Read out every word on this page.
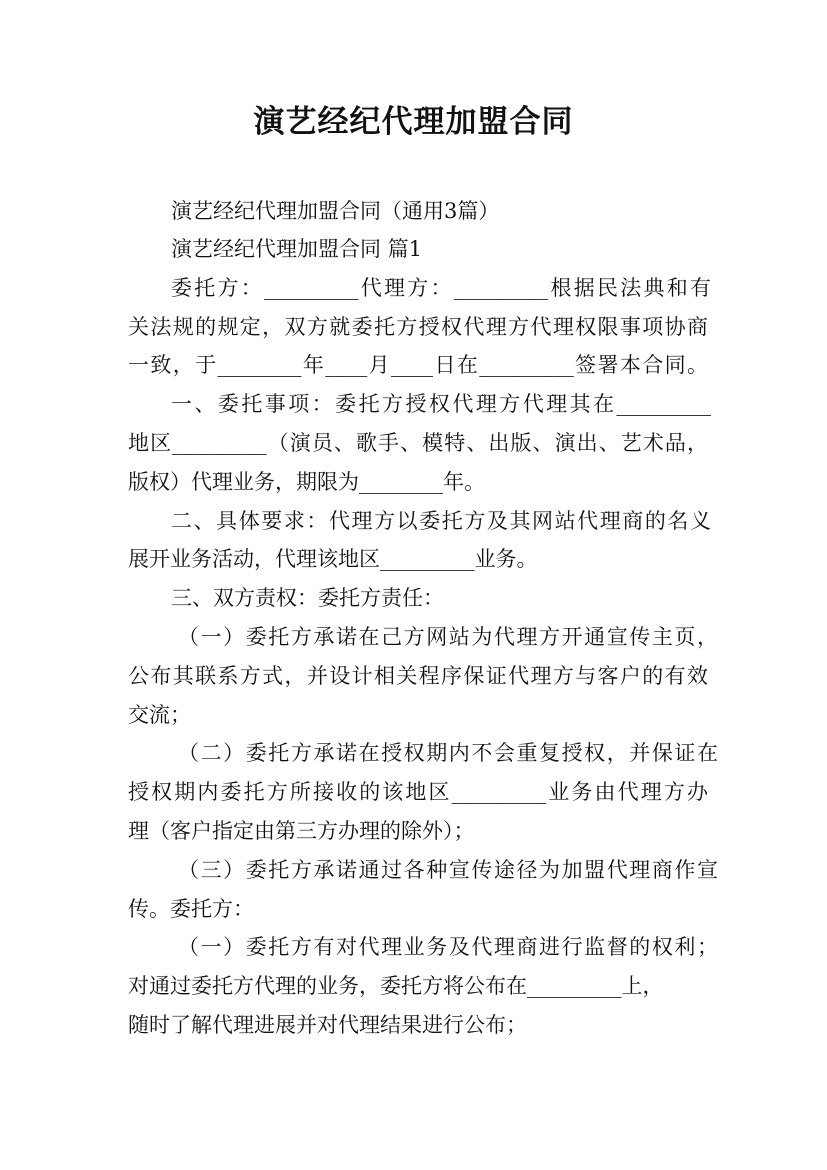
演艺经纪代理加盟合同

演艺经纪代理加盟合同（通用3篇）

演艺经纪代理加盟合同 篇1

委托方：_________代理方：_________根据民法典和有

关法规的规定，双方就委托方授权代理方代理权限事项协商

一致，于________年____月____日在_________签署本合同。

一、委托事项：委托方授权代理方代理其在_________

地区_________（演员、歌手、模特、出版、演出、艺术品，

版权）代理业务，期限为________年。

二、具体要求：代理方以委托方及其网站代理商的名义

展开业务活动，代理该地区_________业务。

三、双方责权：委托方责任：

（一）委托方承诺在己方网站为代理方开通宣传主页，

公布其联系方式，并设计相关程序保证代理方与客户的有效

交流；

（二）委托方承诺在授权期内不会重复授权，并保证在

授权期内委托方所接收的该地区_________业务由代理方办

理（客户指定由第三方办理的除外）；

（三）委托方承诺通过各种宣传途径为加盟代理商作宣

传。委托方：

（一）委托方有对代理业务及代理商进行监督的权利；

对通过委托方代理的业务，委托方将公布在_________上，

随时了解代理进展并对代理结果进行公布；
